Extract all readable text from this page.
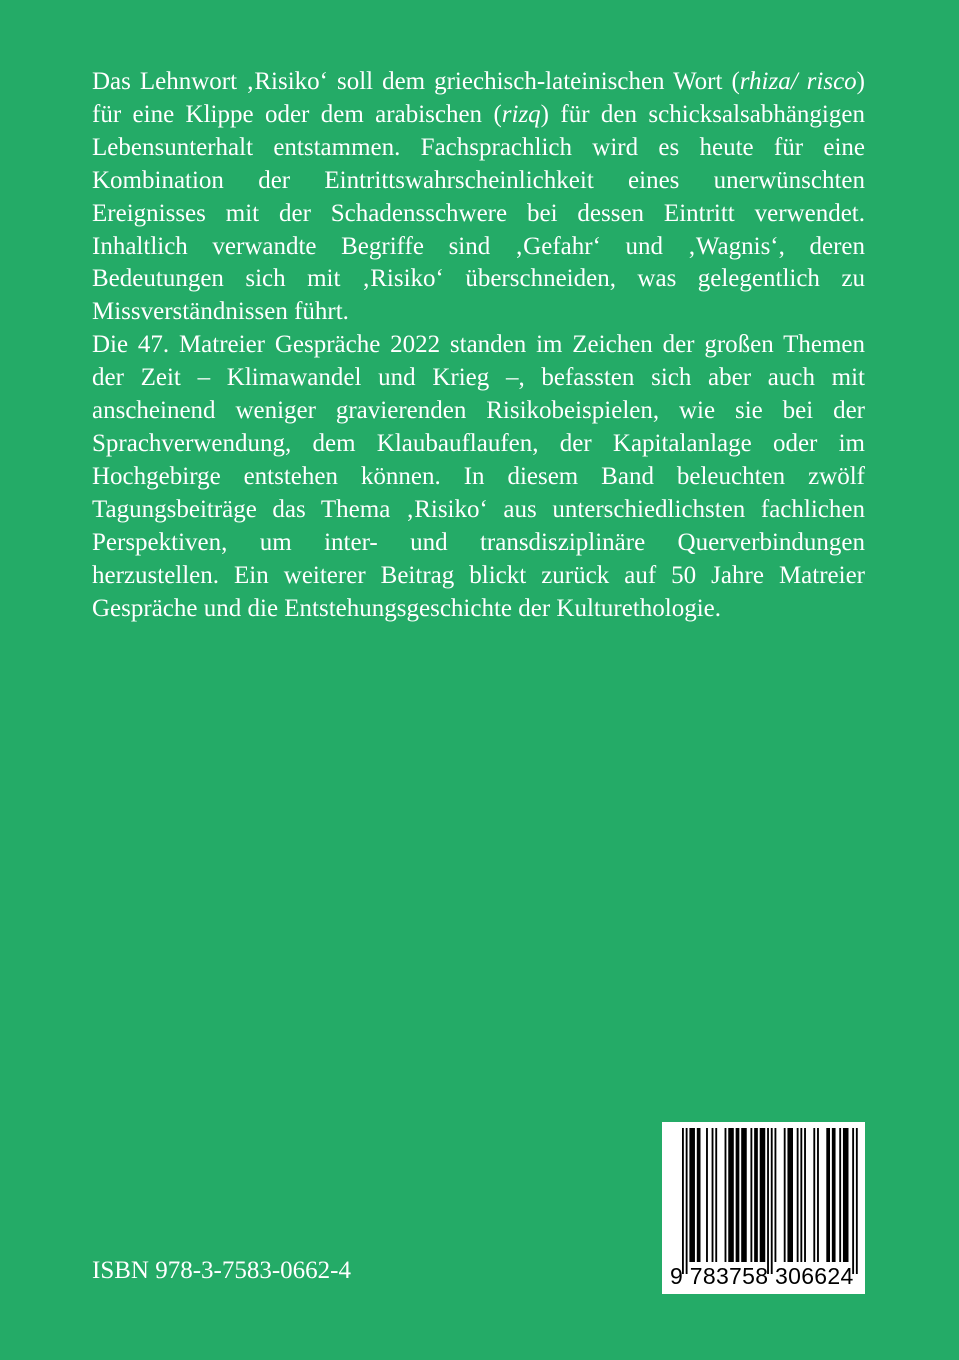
Das Lehnwort ‚Risiko‘ soll dem griechisch-lateinischen Wort (rhiza/ risco) für eine Klippe oder dem arabischen (rizq) für den schicksalsabhängigen Lebensunterhalt entstammen. Fachsprachlich wird es heute für eine Kombination der Eintrittswahrscheinlichkeit eines unerwünschten Ereignisses mit der Schadensschwere bei dessen Eintritt verwendet. Inhaltlich verwandte Begriffe sind ‚Gefahr‘ und ‚Wagnis‘, deren Bedeutungen sich mit ‚Risiko‘ überschneiden, was gelegentlich zu Missverständnissen führt.

Die 47. Matreier Gespräche 2022 standen im Zeichen der großen Themen der Zeit – Klimawandel und Krieg –, befassten sich aber auch mit anscheinend weniger gravierenden Risikobeispielen, wie sie bei der Sprachverwendung, dem Klaubauflaufen, der Kapitalanlage oder im Hochgebirge entstehen können. In diesem Band beleuchten zwölf Tagungsbeiträge das Thema ‚Risiko‘ aus unterschiedlichsten fachlichen Perspektiven, um inter- und transdisziplinäre Querverbindungen herzustellen. Ein weiterer Beitrag blickt zurück auf 50 Jahre Matreier Gespräche und die Entstehungsgeschichte der Kulturethologie.

ISBN 978-3-7583-0662-4	9 783758 306624
